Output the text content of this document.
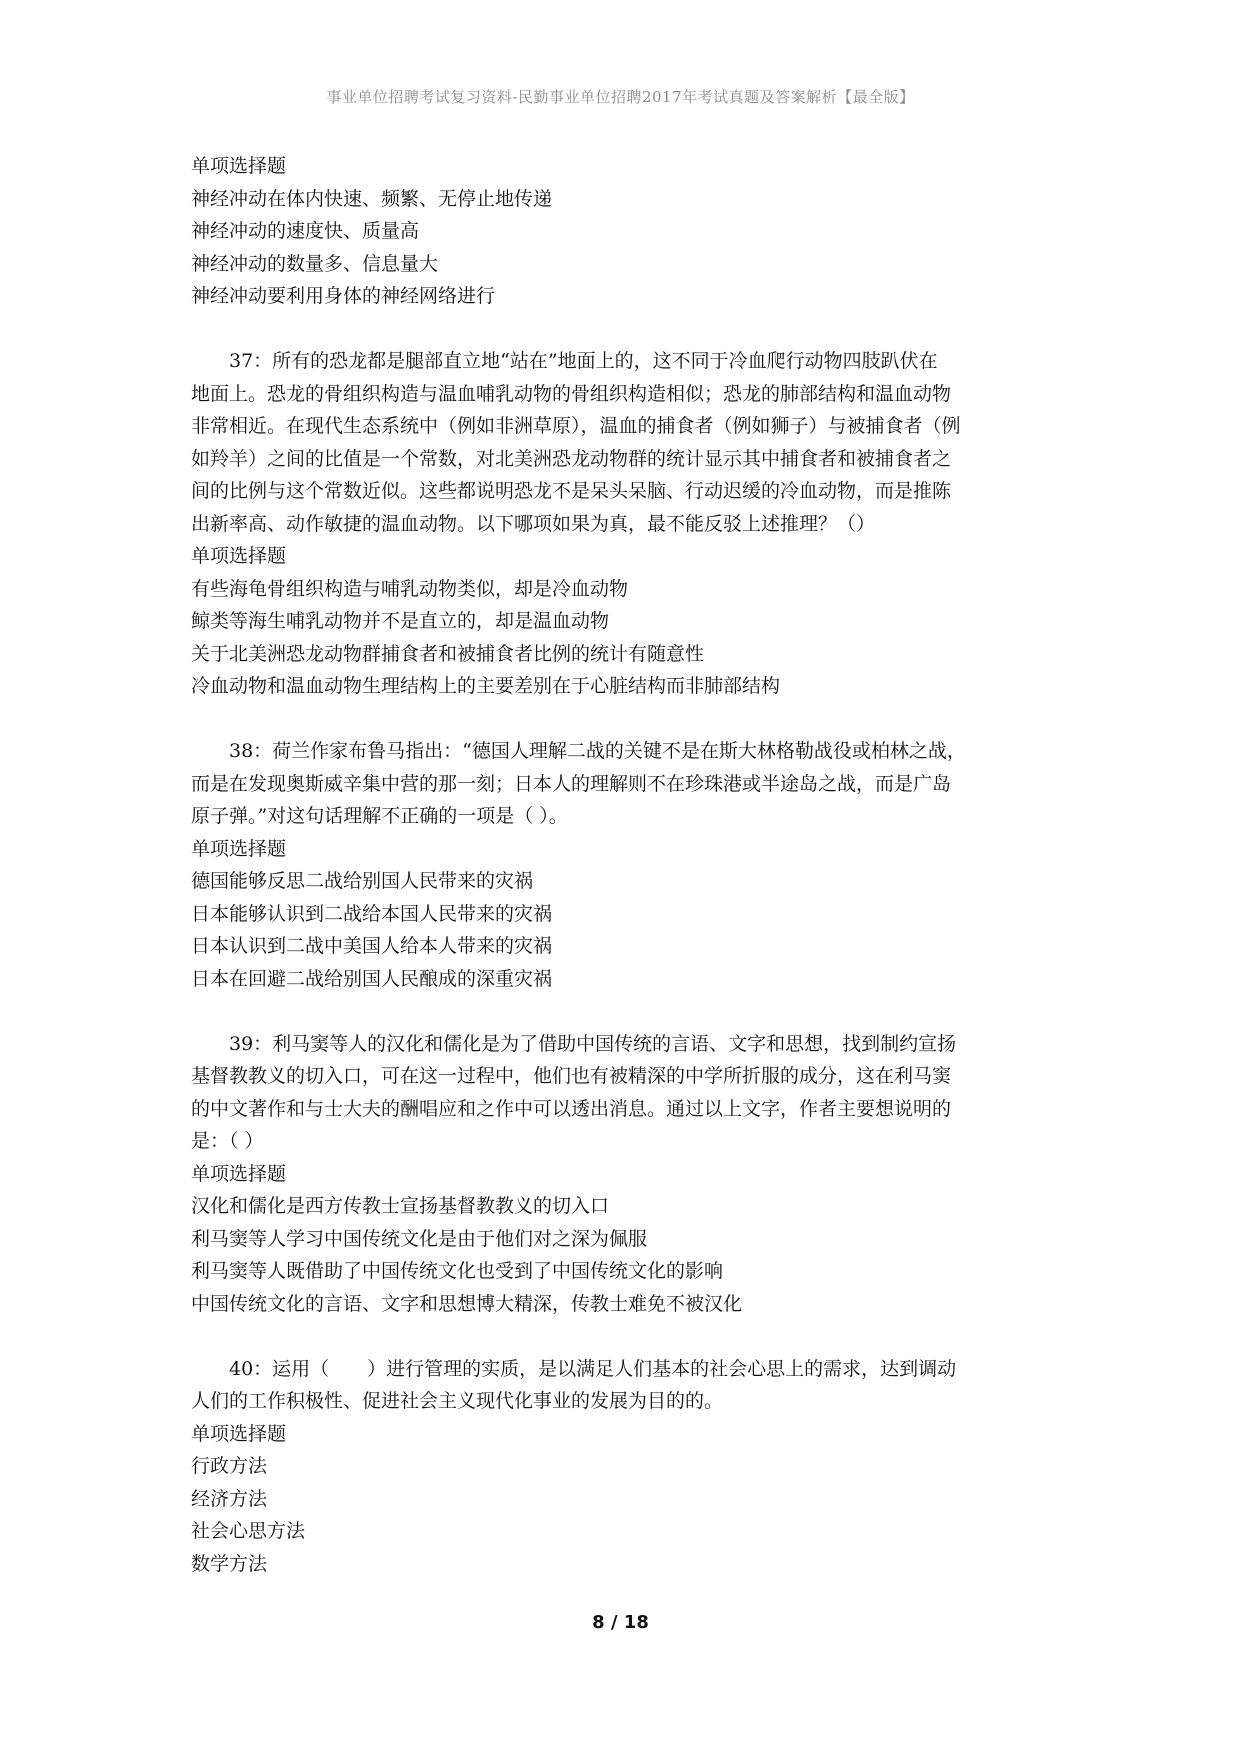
事业单位招聘考试复习资料-民勤事业单位招聘2017年考试真题及答案解析【最全版】
单项选择题
神经冲动在体内快速、频繁、无停止地传递
神经冲动的速度快、质量高
神经冲动的数量多、信息量大
神经冲动要利用身体的神经网络进行
37：所有的恐龙都是腿部直立地“站在”地面上的，这不同于冷血爬行动物四肢趴伏在
地面上。恐龙的骨组织构造与温血哺乳动物的骨组织构造相似；恐龙的肺部结构和温血动物
非常相近。在现代生态系统中（例如非洲草原），温血的捕食者（例如狮子）与被捕食者（例
如羚羊）之间的比值是一个常数，对北美洲恐龙动物群的统计显示其中捕食者和被捕食者之
间的比例与这个常数近似。这些都说明恐龙不是呆头呆脑、行动迟缓的冷血动物，而是推陈
出新率高、动作敏捷的温血动物。以下哪项如果为真，最不能反驳上述推理？（）
单项选择题
有些海龟骨组织构造与哺乳动物类似，却是冷血动物
鲸类等海生哺乳动物并不是直立的，却是温血动物
关于北美洲恐龙动物群捕食者和被捕食者比例的统计有随意性
冷血动物和温血动物生理结构上的主要差别在于心脏结构而非肺部结构
38：荷兰作家布鲁马指出：“德国人理解二战的关键不是在斯大林格勒战役或柏林之战，
而是在发现奥斯威辛集中营的那一刻；日本人的理解则不在珍珠港或半途岛之战，而是广岛
原子弹。”对这句话理解不正确的一项是（ ）。
单项选择题
德国能够反思二战给别国人民带来的灾祸
日本能够认识到二战给本国人民带来的灾祸
日本认识到二战中美国人给本人带来的灾祸
日本在回避二战给别国人民酿成的深重灾祸
39：利马窦等人的汉化和儒化是为了借助中国传统的言语、文字和思想，找到制约宣扬
基督教教义的切入口，可在这一过程中，他们也有被精深的中学所折服的成分，这在利马窦
的中文著作和与士大夫的酬唱应和之作中可以透出消息。通过以上文字，作者主要想说明的
是：（ ）
单项选择题
汉化和儒化是西方传教士宣扬基督教教义的切入口
利马窦等人学习中国传统文化是由于他们对之深为佩服
利马窦等人既借助了中国传统文化也受到了中国传统文化的影响
中国传统文化的言语、文字和思想博大精深，传教士难免不被汉化
40：运用（　　）进行管理的实质，是以满足人们基本的社会心思上的需求，达到调动
人们的工作积极性、促进社会主义现代化事业的发展为目的的。
单项选择题
行政方法
经济方法
社会心思方法
数学方法
8 / 18
